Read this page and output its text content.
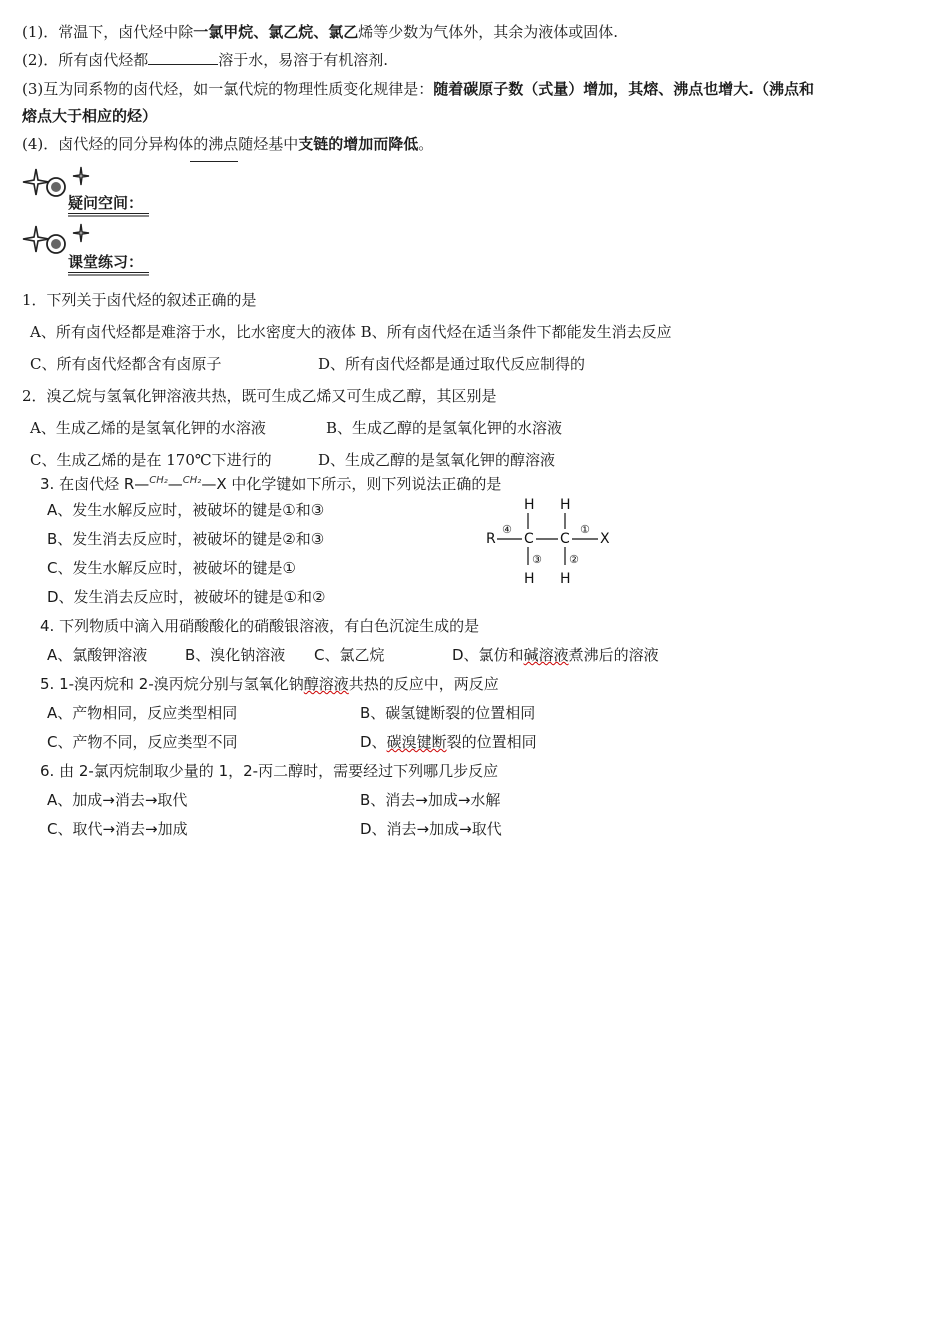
(1)．常温下，卤代烃中除一氯甲烷、氯乙烷、氯乙烯等少数为气体外，其余为液体或固体.
(2)．所有卤代烃都	溶于水，易溶于有机溶剂.
(3)互为同系物的卤代烃，如一氯代烷的物理性质变化规律是：随着碳原子数（式量）增加，其熔、沸点也增大.（沸点和
熔点大于相应的烃）
(4)．卤代烃的同分异构体的沸点随烃基中支链的增加而降低。
疑问空间：
课堂练习：
1．下列关于卤代烃的叙述正确的是
A、所有卤代烃都是难溶于水，比水密度大的液体 B、所有卤代烃在适当条件下都能发生消去反应
C、所有卤代烃都含有卤原子	D、所有卤代烃都是通过取代反应制得的
2．溴乙烷与氢氧化钾溶液共热，既可生成乙烯又可生成乙醇，其区别是
A、生成乙烯的是氢氧化钾的水溶液	B、生成乙醇的是氢氧化钾的水溶液
C、生成乙烯的是在 170℃下进行的	D、生成乙醇的是氢氧化钾的醇溶液
3. 在卤代烃 R—$^{CH_2}$—$^{CH_2}$—X 中化学键如下所示，则下列说法正确的是
A、发生水解反应时，被破坏的键是①和③
B、发生消去反应时，被破坏的键是②和③
C、发生水解反应时，被破坏的键是①
D、发生消去反应时，被破坏的键是①和②
R
④
C C
①
X
H H
③
H
②
H
4. 下列物质中滴入用硝酸酸化的硝酸银溶液，有白色沉淀生成的是
A、氯酸钾溶液	B、溴化钠溶液 C、氯乙烷	D、氯仿和碱溶液煮沸后的溶液
5. 1-溴丙烷和 2-溴丙烷分别与氢氧化钠醇溶液共热的反应中，两反应
A、产物相同，反应类型相同	B、碳氢键断裂的位置相同
C、产物不同，反应类型不同	D、碳溴键断裂的位置相同
6. 由 2-氯丙烷制取少量的 1，2-丙二醇时，需要经过下列哪几步反应
A、加成→消去→取代	B、消去→加成→水解
C、取代→消去→加成	D、消去→加成→取代
